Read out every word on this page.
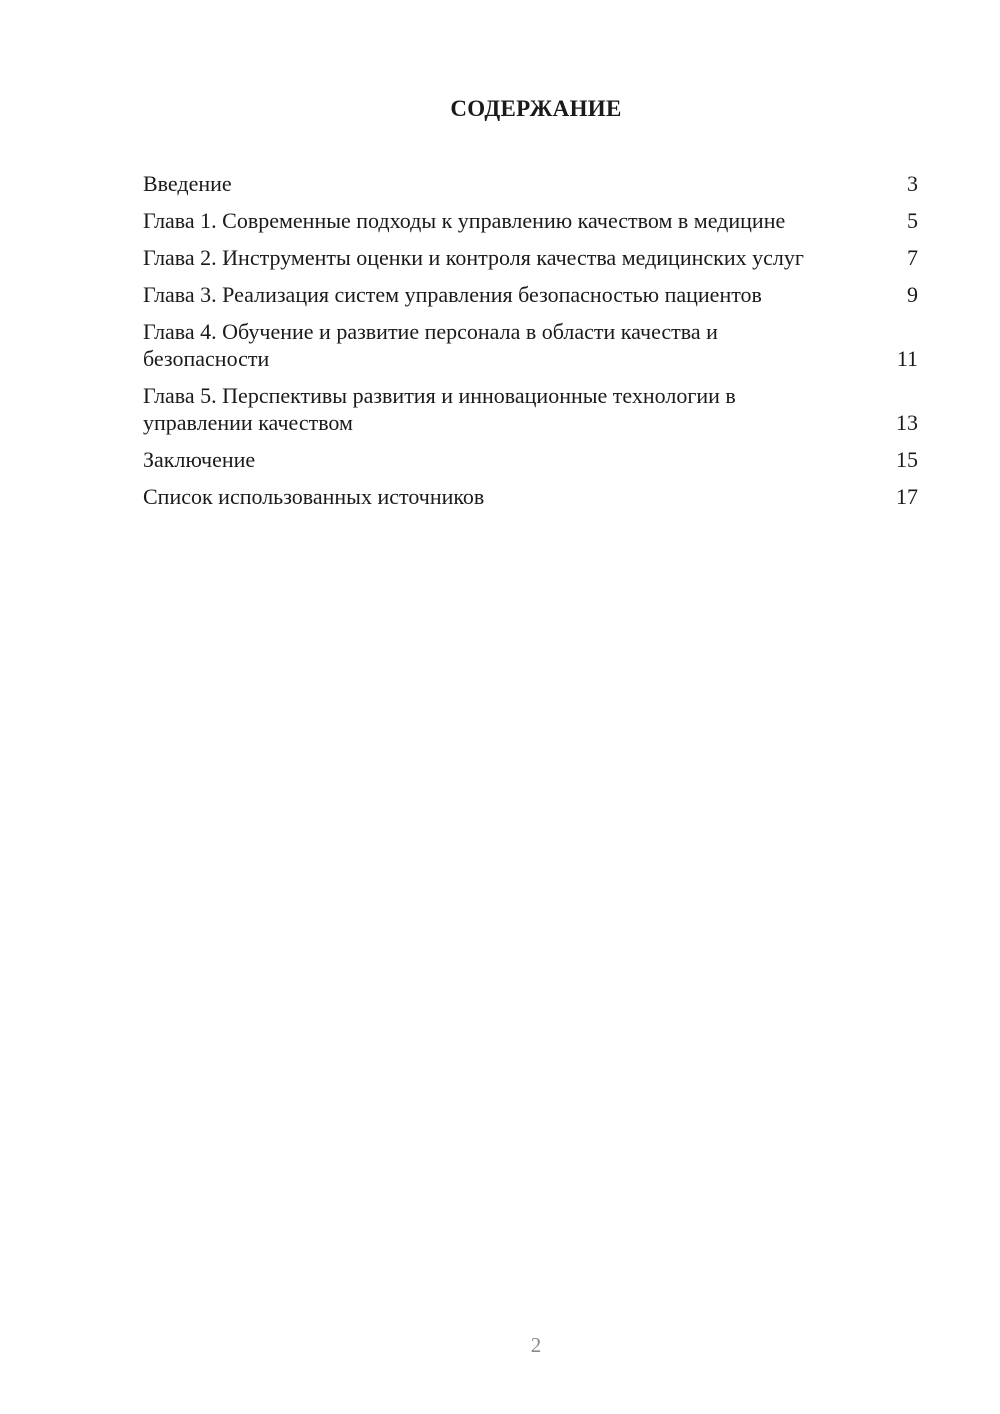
СОДЕРЖАНИЕ
Введение	3
Глава 1. Современные подходы к управлению качеством в медицине	5
Глава 2. Инструменты оценки и контроля качества медицинских услуг	7
Глава 3. Реализация систем управления безопасностью пациентов	9
Глава 4. Обучение и развитие персонала в области качества и безопасности	11
Глава 5. Перспективы развития и инновационные технологии в управлении качеством	13
Заключение	15
Список использованных источников	17
2
